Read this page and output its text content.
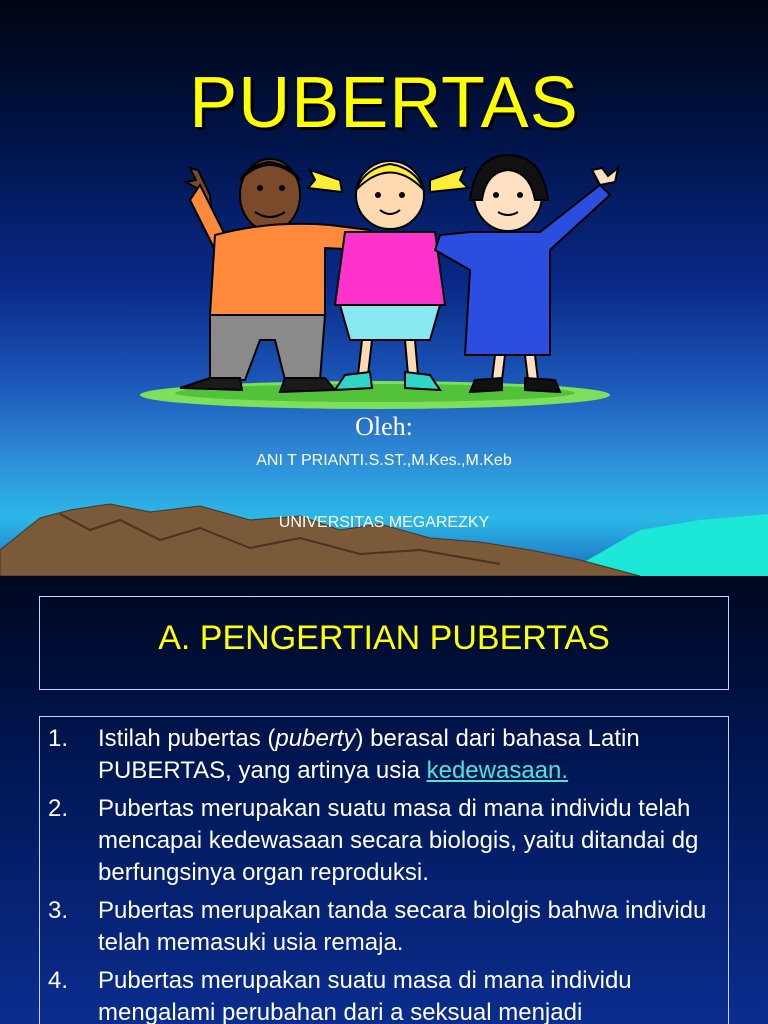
PUBERTAS
Oleh:
ANI T PRIANTI.S.ST.,M.Kes.,M.Keb
UNIVERSITAS MEGAREZKY
A. PENGERTIAN PUBERTAS
1.	Istilah pubertas (puberty) berasal dari bahasa Latin PUBERTAS, yang artinya usia kedewasaan.
2.	Pubertas merupakan suatu masa di mana individu telah mencapai kedewasaan secara biologis, yaitu ditandai dg berfungsinya organ reproduksi.
3.	Pubertas merupakan tanda secara biolgis bahwa individu telah memasuki usia remaja.
4.	Pubertas merupakan suatu masa di mana individu mengalami perubahan dari a seksual menjadi
